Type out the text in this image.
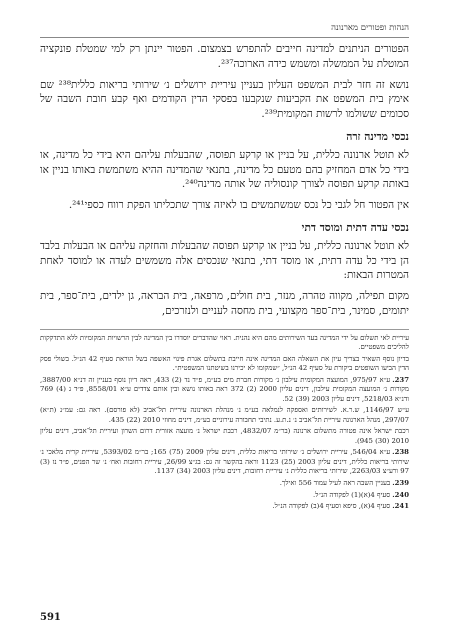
הנהות ופטורים מארנונה

הפטורים הניתנים למדינה חייבים להתפרש בצמצום. הפטור יינתן רק למי שמטלת פונקציה המוטלת על הממשלה ומשמש כידה הארוכה²³⁷.

נושא זה חזר לבית המשפט העליון בעניין עיריית ירושלים נ׳ שירותי בריאות כללית²³⁸ שם אימץ בית המשפט את הקביעות שנקבעו בפסקי הדין הקודמים ואף קבע חובת השבה של סכומים ששולמו לרשות המקומית²³⁹.

נכסי מדינה זרה

לא תוטל ארנונה כללית, על בניין או קרקע תפוסה, שהבעלות עליהם היא בידי כל מדינה, או בידי כל אדם המחזיק בהם מטעם כל מדינה, בתנאי שהמדינה ההיא משתמשת באותו בניין או באותה קרקע תפוסה לצורך קונסוליה של אותה מדינה²⁴⁰.

אין הפטור חל לגבי כל נכס שמשתמשים בו לאיזה צורך שתכליתו הפקת רווח כספי²⁴¹.

נכסי עדה דתית ומוסד דתי

לא תוטל ארנונה כללית, על בניין או קרקע תפוסה שהבעלות והחזקה עליהם או הבעלות בלבד הן בידי כל עדה דתית, או מוסד דתי, בתנאי שנכסים אלה משמשים לעדה או למוסד לאחת המטרות הבאות:

מקום תפילה, מקווה טהרה, מנזר, בית חולים, מרפאה, בית הבראה, גן ילדים, בית־ספר, בית יתומים, סמינר, בית־ספר מקצועי, בית מחסה לעניים ולנזרכים,

עיריית לאי תשלום על ידי המדינה בעד השירותים מהם היא נהנית. ראוי שהדברים יוסדרו בין המדינה לבין הרשויות המקומיות ללא התדקקות להליכים משפטיים.

בדיון נוסף השאיר בצריך עיון את השאלה האם המדינה אינה חייבת בתשלום אגרת פינוי האשפה בשל הוראת סעיף 42 הנ״ל. בשולי פסק הדין הביעו השופטים ביקורת על סעיף 42 הנ״ל, ״שמקומו לא יכירנו בשיטתנו המשפטית״.

237.ע״א 975/97, המועצה המקומית עילבון נ׳ מקורות חברת מים בע״מ, פ״ד נד (2) 433, ראה דיון נוסף בעניין זה דנ״א 3887/00, מקורות נ׳ המועצה המקומית עילבון, דינים עליון 2000 (2) 372 ראה באותו נושא ובין אותם צדדים ע״א 8558/01, פ״ד נ (4) 769 ודנ״א 5218/03, דינים עליון 2003 (39) 52.

ע״ש 1146/97, ש.ר.א. לשירותים ואספקה לנמלאה בע״מ נ׳ מנהלת הארנונה עיריית תל־אביב (לא פורסם). ראה גם: עמ״נ (ת״א) 297/07, מנהל הארנונה עיריית תל־אביב נ׳ נ.ת.ע. נתיבי תחבורה עירוניים בע״מ, דינים מחוזי 2010 (22) 435.

רכבת ישראל אינה פטורה מתשלום ארנונה (בר״מ 4832/07, רכבת ישראל נ׳ מועצה אזורית דרום השרון ועיריית תל־אביב, דינים עליון 2010 (30) 945).

238.ע״א 546/04, עיריית ירושלים נ׳ שירותי בריאות כללית, דינים עליון 2009 (75) 165; בר״מ 5393/02, עיריית קרית מלאכי נ׳ שירותי בריאות כללית, דינים עליון 2003 (25) 1123 וראה בהקשר זה גם: בג״צ 26/99, עיריית רחובות ואח׳ נ׳ שר הפנים, פ״ד נז (3) 97 ורע״צ 2263/03, שירותי בריאות כללית נ׳ עיריית רחובות, דינים עליון 2003 (34) 1137.

239.בעניין השבה ראה לעיל עמוד 556 ואילך.

240.סעיף 4(א)(1) לפקודה הנ״ל.

241.סעיף 4(א), סיפא וסעיף 4(ב) לפקודה הנ״ל.

591
